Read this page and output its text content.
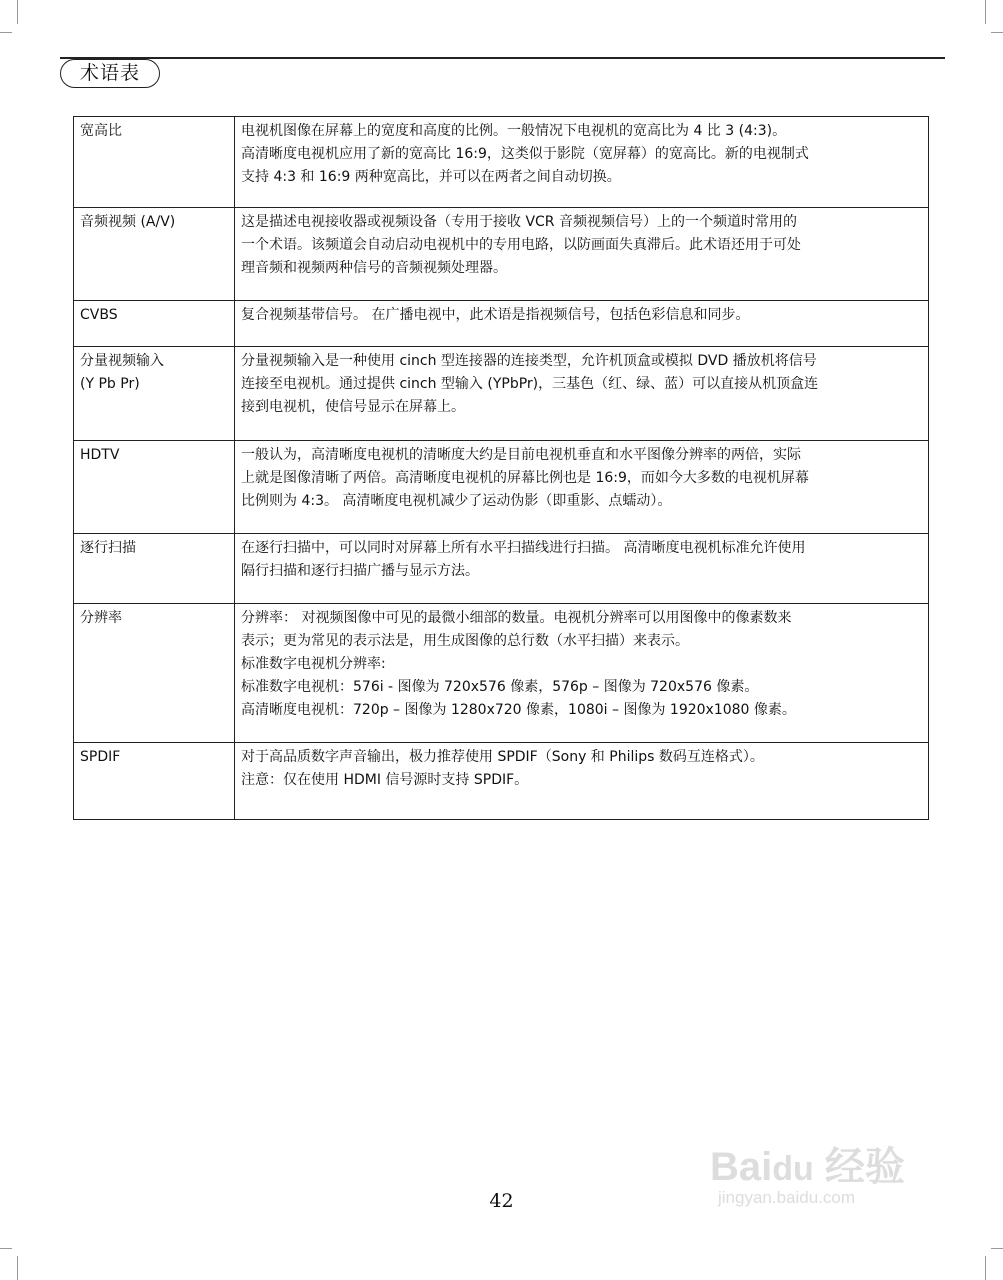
术语表
宽高比	电视机图像在屏幕上的宽度和高度的比例。一般情况下电视机的宽高比为 4 比 3 (4:3)。
高清晰度电视机应用了新的宽高比 16:9，这类似于影院（宽屏幕）的宽高比。新的电视制式
支持 4:3 和 16:9 两种宽高比，并可以在两者之间自动切换。

音频视频 (A/V)	这是描述电视接收器或视频设备（专用于接收 VCR 音频视频信号）上的一个频道时常用的
一个术语。该频道会自动启动电视机中的专用电路，以防画面失真滞后。此术语还用于可处
理音频和视频两种信号的音频视频处理器。

CVBS	复合视频基带信号。 在广播电视中，此术语是指视频信号，包括色彩信息和同步。

分量视频输入
(Y Pb Pr)	分量视频输入是一种使用 cinch 型连接器的连接类型，允许机顶盒或模拟 DVD 播放机将信号
连接至电视机。通过提供 cinch 型输入 (YPbPr)，三基色（红、绿、蓝）可以直接从机顶盒连
接到电视机，使信号显示在屏幕上。

HDTV	一般认为，高清晰度电视机的清晰度大约是目前电视机垂直和水平图像分辨率的两倍，实际
上就是图像清晰了两倍。高清晰度电视机的屏幕比例也是 16:9，而如今大多数的电视机屏幕
比例则为 4:3。 高清晰度电视机减少了运动伪影（即重影、点蠕动）。

逐行扫描	在逐行扫描中，可以同时对屏幕上所有水平扫描线进行扫描。 高清晰度电视机标准允许使用
隔行扫描和逐行扫描广播与显示方法。

分辨率	分辨率： 对视频图像中可见的最微小细部的数量。电视机分辨率可以用图像中的像素数来
表示；更为常见的表示法是，用生成图像的总行数（水平扫描）来表示。
标准数字电视机分辨率:
标准数字电视机：576i - 图像为 720x576 像素，576p – 图像为 720x576 像素。
高清晰度电视机：720p – 图像为 1280x720 像素，1080i – 图像为 1920x1080 像素。

SPDIF	对于高品质数字声音输出，极力推荐使用 SPDIF（Sony 和 Philips 数码互连格式）。
注意：仅在使用 HDMI 信号源时支持 SPDIF。
Baidu 经验
jingyan.baidu.com
42
